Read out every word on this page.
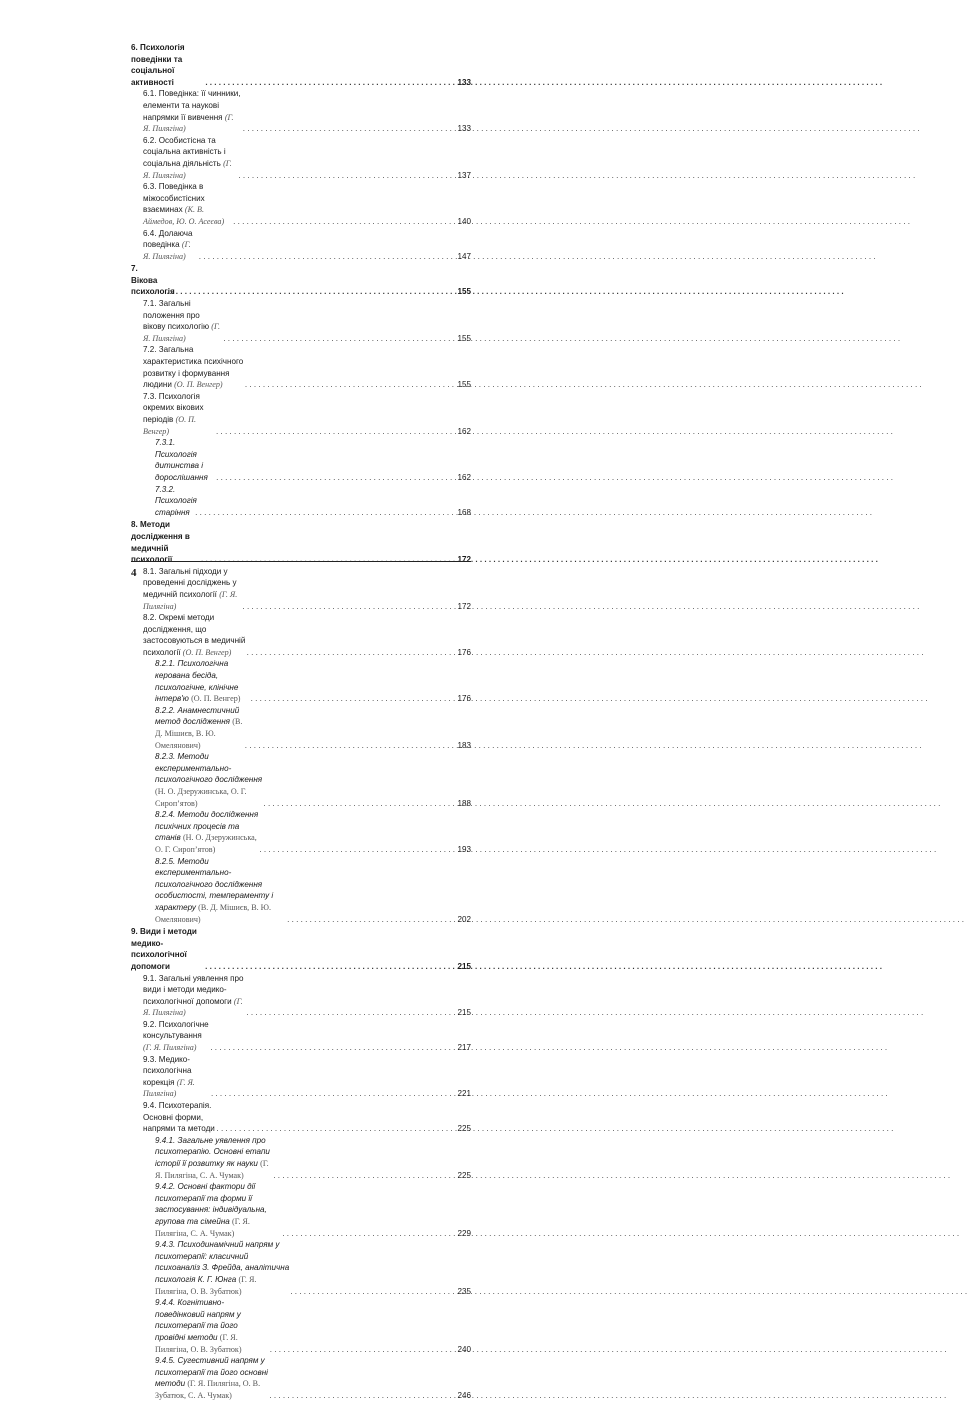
6. Психологія поведінки та соціальної активності . . .	133
6.1. Поведінка: її чинники, елементи та наукові напрямки її вивчення (Г. Я. Пилягіна) . . .	133
6.2. Особистісна та соціальна активність і соціальна діяльність (Г. Я. Пилягіна) . . .	137
6.3. Поведінка в міжособистісних взаєминах (К. В. Аймедов, Ю. О. Асеєва) . . .	140
6.4. Долаюча поведінка (Г. Я. Пилягіна) . . .	147
7. Вікова психологія . . .	155
7.1. Загальні положення про вікову психологію (Г. Я. Пилягіна) . . .	155
7.2. Загальна характеристика психічного розвитку і формування людини (О. П. Венгер) . . .	155
7.3. Психологія окремих вікових періодів (О. П. Венгер) . . .	162
7.3.1. Психологія дитинства і дорослішання . . .	162
7.3.2. Психологія старіння . . .	168
8. Методи дослідження в медичній психології . . .	172
8.1. Загальні підходи у проведенні досліджень у медичній психології (Г. Я. Пилягіна) . . .	172
8.2. Окремі методи дослідження, що застосовуються в медичній психології (О. П. Венгер) . . .	176
8.2.1. Психологічна керована бесіда, психологічне, клінічне інтерв'ю (О. П. Венгер) . . .	176
8.2.2. Анамнестичний метод дослідження (В. Д. Мішиєв, В. Ю. Омелянович) . . .	183
8.2.3. Методи експериментально-психологічного дослідження (Н. О. Дзеружинська, О. Г. Сиропʼятов) . . .	188
8.2.4. Методи дослідження психічних процесів та станів (Н. О. Дзеружинська, О. Г. Сиропʼятов) . . .	193
8.2.5. Методи експериментально-психологічного дослідження особистості, темпераменту і характеру (В. Д. Мішиєв, В. Ю. Омелянович) . . .	202
9. Види і методи медико-психологічної допомоги . . .	215
9.1. Загальні уявлення про види і методи медико-психологічної допомоги (Г. Я. Пилягіна) . . .	215
9.2. Психологічне консультування (Г. Я. Пилягіна) . . .	217
9.3. Медико-психологічна корекція (Г. Я. Пилягіна) . . .	221
9.4. Психотерапія. Основні форми, напрями та методи . . .	225
9.4.1. Загальне уявлення про психотерапію. Основні етапи історії її розвитку як науки (Г. Я. Пилягіна, С. А. Чумак) . . .	225
9.4.2. Основні фактори дії психотерапії та форми її застосування: індивідуальна, групова та сімейна (Г. Я. Пилягіна, С. А. Чумак) . . .	229
9.4.3. Психодинамічний напрям у психотерапії: класичний психоаналіз З. Фрейда, аналітична психологія К. Г. Юнга (Г. Я. Пилягіна, О. В. Зубатюк) . . .	235
9.4.4. Когнітивно-поведінковий напрям у психотерапії та його провідні методи (Г. Я. Пилягіна, О. В. Зубатюк) . . .	240
9.4.5. Сугестивний напрям у психотерапії та його основні методи (Г. Я. Пилягіна, О. В. Зубатюк, С. А. Чумак) . . .	246
4
